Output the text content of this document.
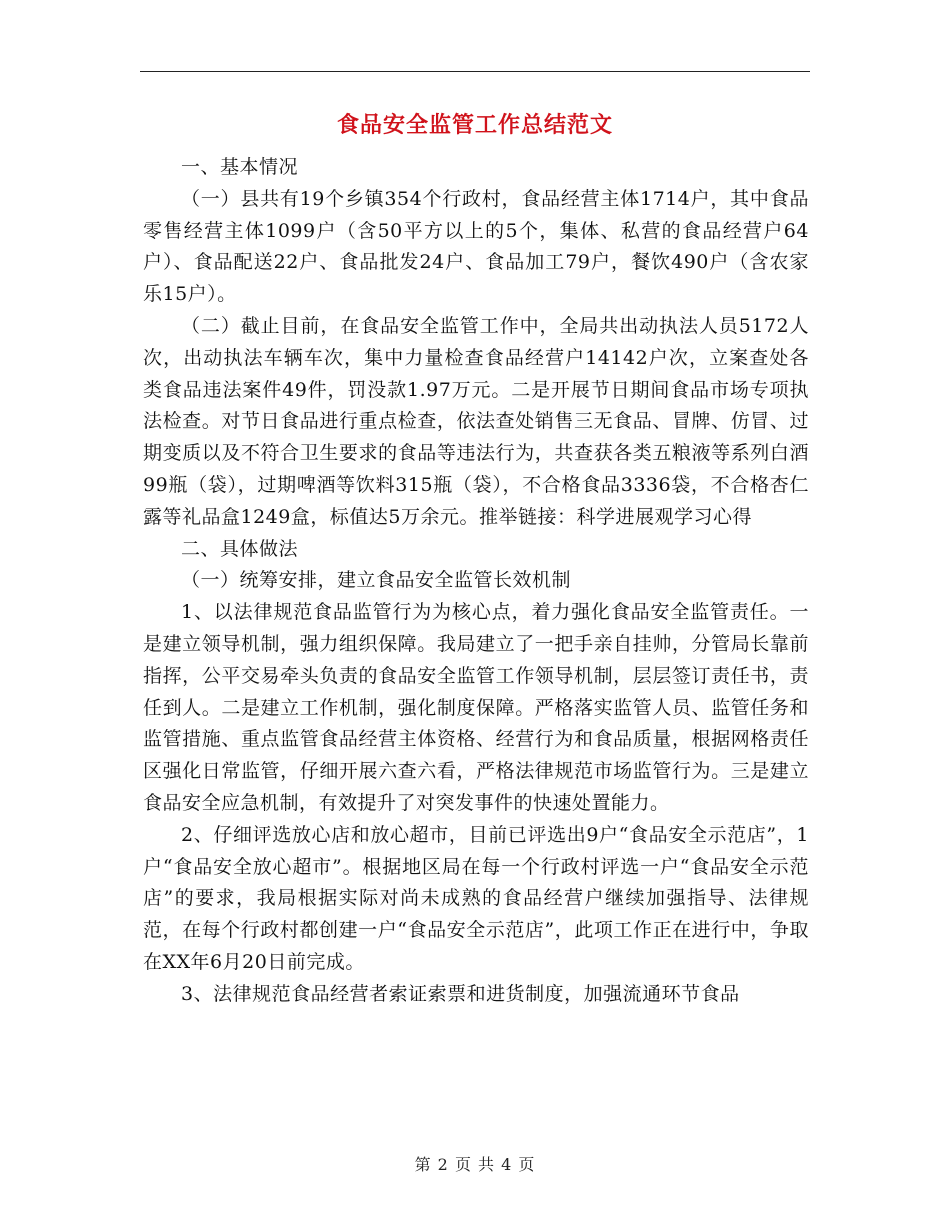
食品安全监管工作总结范文

一、基本情况

（一）县共有19个乡镇354个行政村，食品经营主体1714户，其中食品零售经营主体1099户（含50平方以上的5个，集体、私营的食品经营户64户）、食品配送22户、食品批发24户、食品加工79户，餐饮490户（含农家乐15户）。

（二）截止目前，在食品安全监管工作中，全局共出动执法人员5172人次，出动执法车辆车次，集中力量检查食品经营户14142户次，立案查处各类食品违法案件49件，罚没款1.97万元。二是开展节日期间食品市场专项执法检查。对节日食品进行重点检查，依法查处销售三无食品、冒牌、仿冒、过期变质以及不符合卫生要求的食品等违法行为，共查获各类五粮液等系列白酒99瓶（袋），过期啤酒等饮料315瓶（袋），不合格食品3336袋，不合格杏仁露等礼品盒1249盒，标值达5万余元。推举链接：科学进展观学习心得

二、具体做法

（一）统筹安排，建立食品安全监管长效机制

1、以法律规范食品监管行为为核心点，着力强化食品安全监管责任。一是建立领导机制，强力组织保障。我局建立了一把手亲自挂帅，分管局长靠前指挥，公平交易牵头负责的食品安全监管工作领导机制，层层签订责任书，责任到人。二是建立工作机制，强化制度保障。严格落实监管人员、监管任务和监管措施、重点监管食品经营主体资格、经营行为和食品质量，根据网格责任区强化日常监管，仔细开展六查六看，严格法律规范市场监管行为。三是建立食品安全应急机制，有效提升了对突发事件的快速处置能力。

2、仔细评选放心店和放心超市，目前已评选出9户“食品安全示范店”，1户“食品安全放心超市”。根据地区局在每一个行政村评选一户“食品安全示范店”的要求，我局根据实际对尚未成熟的食品经营户继续加强指导、法律规范，在每个行政村都创建一户“食品安全示范店”，此项工作正在进行中，争取在XX年6月20日前完成。

3、法律规范食品经营者索证索票和进货制度，加强流通环节食品

第 2 页 共 4 页
